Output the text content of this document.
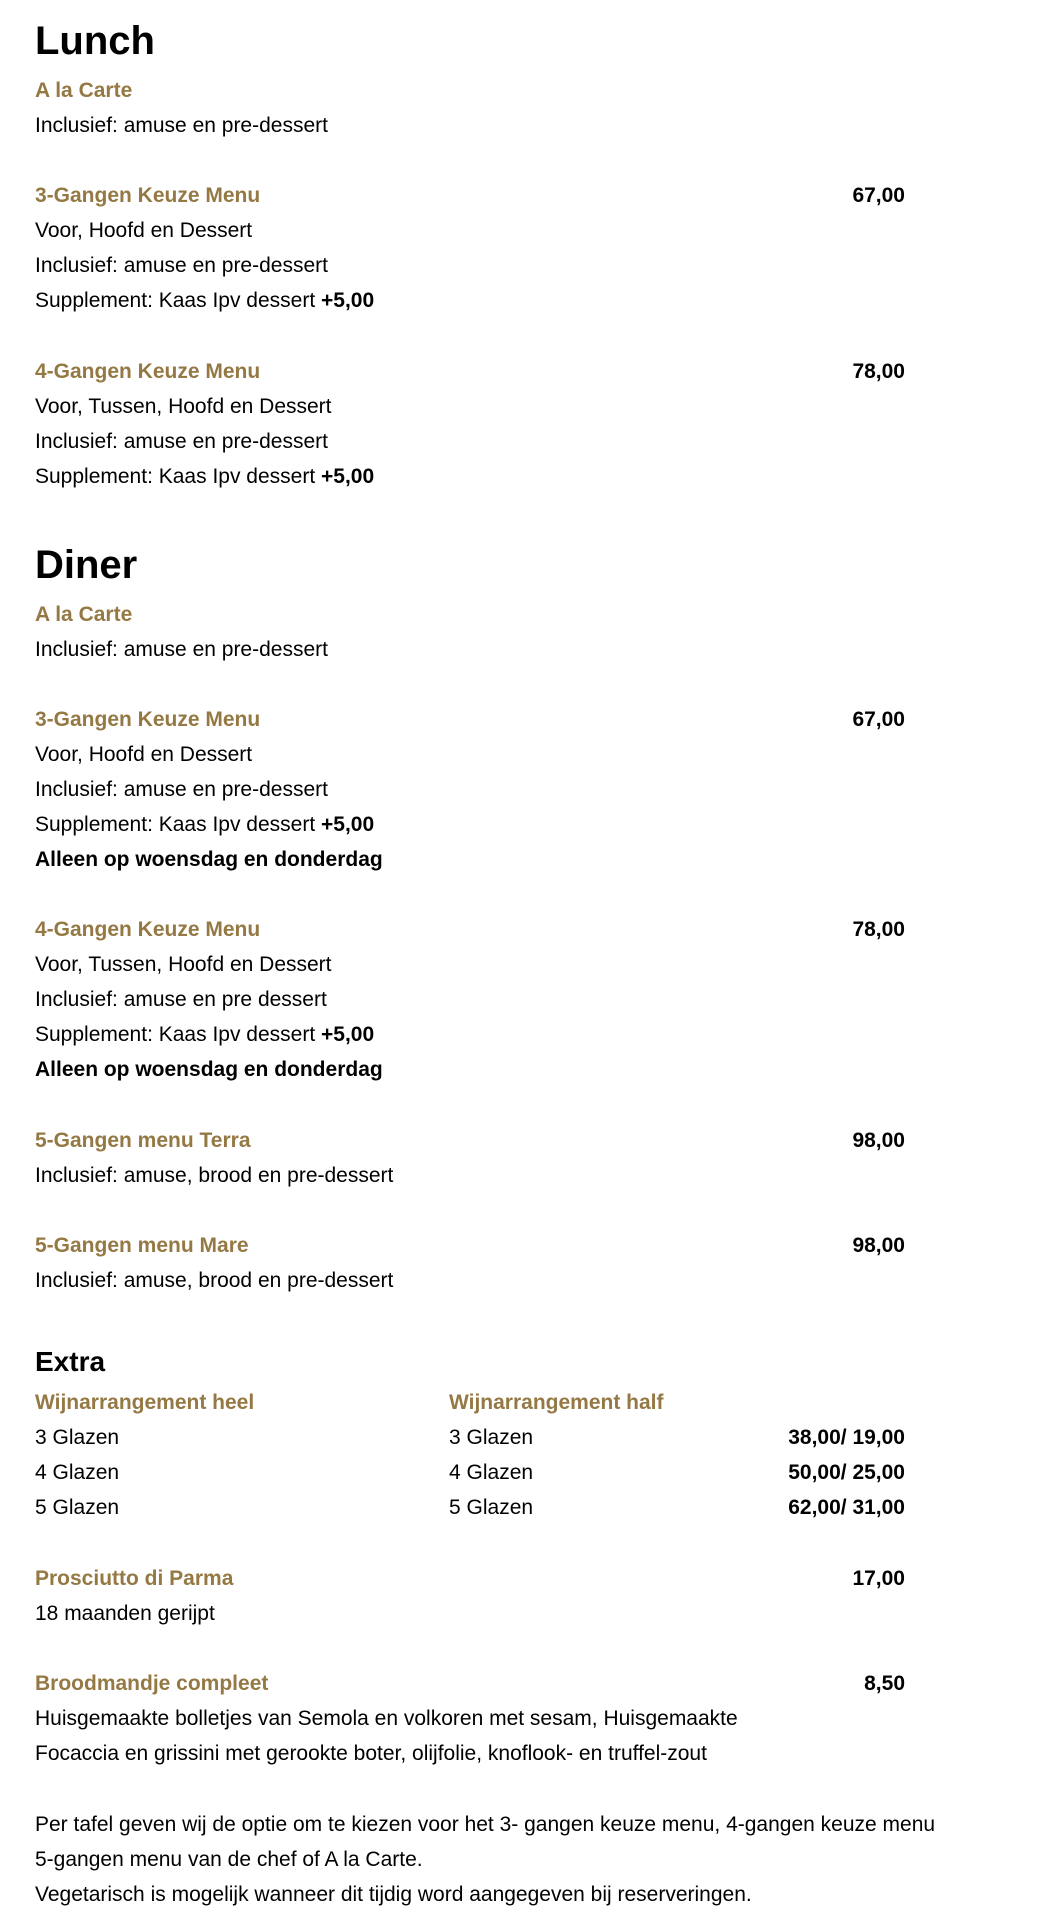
Lunch
A la Carte
Inclusief: amuse en pre-dessert
3-Gangen Keuze Menu	67,00
Voor, Hoofd en Dessert
Inclusief: amuse en pre-dessert
Supplement: Kaas Ipv dessert +5,00
4-Gangen Keuze Menu	78,00
Voor, Tussen, Hoofd en Dessert
Inclusief: amuse en pre-dessert
Supplement: Kaas Ipv dessert +5,00
Diner
A la Carte
Inclusief: amuse en pre-dessert
3-Gangen Keuze Menu	67,00
Voor, Hoofd en Dessert
Inclusief: amuse en pre-dessert
Supplement: Kaas Ipv dessert +5,00
Alleen op woensdag en donderdag
4-Gangen Keuze Menu	78,00
Voor, Tussen, Hoofd en Dessert
Inclusief: amuse en pre dessert
Supplement: Kaas Ipv dessert +5,00
Alleen op woensdag en donderdag
5-Gangen menu Terra	98,00
Inclusief: amuse, brood en pre-dessert
5-Gangen menu Mare	98,00
Inclusief: amuse, brood en pre-dessert
Extra
Wijnarrangement heel	Wijnarrangement half
3 Glazen	3 Glazen	38,00/ 19,00
4 Glazen	4 Glazen	50,00/ 25,00
5 Glazen	5 Glazen	62,00/ 31,00
Prosciutto di Parma	17,00
18 maanden gerijpt
Broodmandje compleet	8,50
Huisgemaakte bolletjes van Semola en volkoren met sesam, Huisgemaakte
Focaccia en grissini met gerookte boter, olijfolie, knoflook- en truffel-zout
Per tafel geven wij de optie om te kiezen voor het 3- gangen keuze menu, 4-gangen keuze menu
5-gangen menu van de chef of A la Carte.
Vegetarisch is mogelijk wanneer dit tijdig word aangegeven bij reserveringen.
